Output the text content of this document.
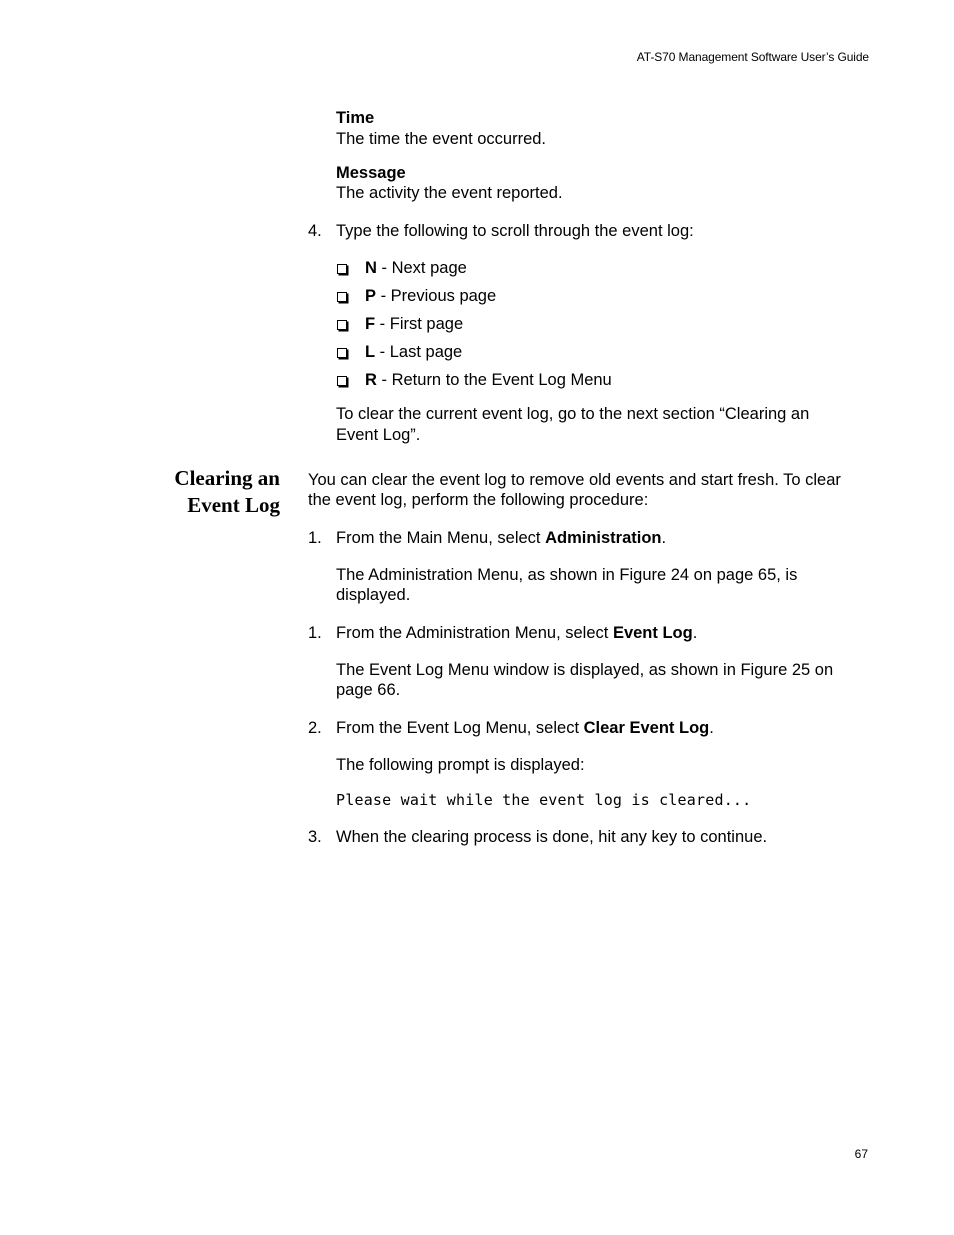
AT-S70 Management Software User’s Guide
Time
The time the event occurred.
Message
The activity the event reported.
4. Type the following to scroll through the event log:
N - Next page
P - Previous page
F - First page
L - Last page
R - Return to the Event Log Menu
To clear the current event log, go to the next section “Clearing an
Event Log”.
Clearing an
Event Log
You can clear the event log to remove old events and start fresh. To clear
the event log, perform the following procedure:
1. From the Main Menu, select Administration.
The Administration Menu, as shown in Figure 24 on page 65, is
displayed.
1. From the Administration Menu, select Event Log.
The Event Log Menu window is displayed, as shown in Figure 25 on
page 66.
2. From the Event Log Menu, select Clear Event Log.
The following prompt is displayed:
Please wait while the event log is cleared...
3. When the clearing process is done, hit any key to continue.
67
